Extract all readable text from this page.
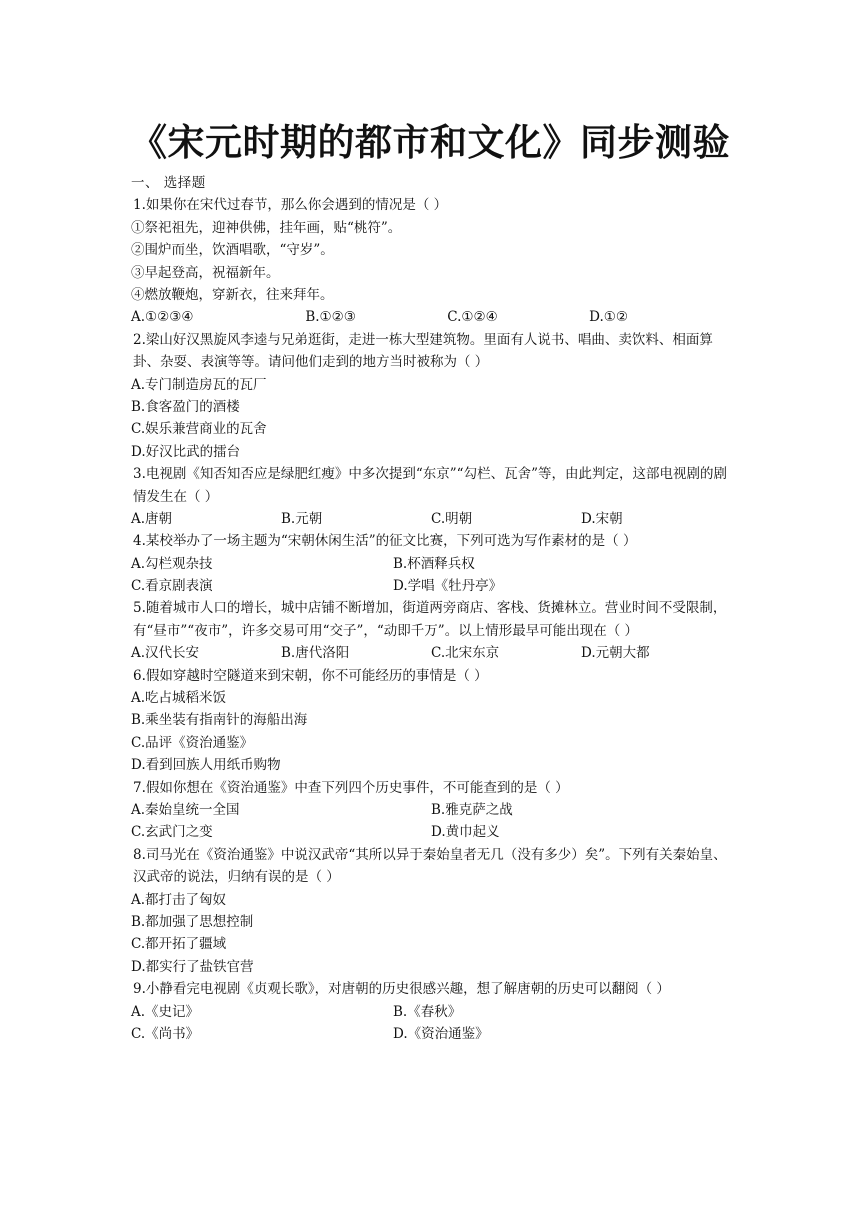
《宋元时期的都市和文化》同步测验
一、 选择题
1.如果你在宋代过春节，那么你会遇到的情况是（ ）
①祭祀祖先，迎神供佛，挂年画，贴“桃符”。
②围炉而坐，饮酒唱歌，“守岁”。
③早起登高，祝福新年。
④燃放鞭炮，穿新衣，往来拜年。
A.①②③④	B.①②③	C.①②④	D.①②
2.梁山好汉黑旋风李逵与兄弟逛街，走进一栋大型建筑物。里面有人说书、唱曲、卖饮料、相面算卦、杂耍、表演等等。请问他们走到的地方当时被称为（ ）
A.专门制造房瓦的瓦厂
B.食客盈门的酒楼
C.娱乐兼营商业的瓦舍
D.好汉比武的擂台
3.电视剧《知否知否应是绿肥红瘦》中多次提到“东京”“勾栏、瓦舍”等，由此判定，这部电视剧的剧情发生在（ ）
A.唐朝	B.元朝	C.明朝	D.宋朝
4.某校举办了一场主题为“宋朝休闲生活”的征文比赛，下列可选为写作素材的是（ ）
A.勾栏观杂技	B.杯酒释兵权
C.看京剧表演	D.学唱《牡丹亭》
5.随着城市人口的增长，城中店铺不断增加，街道两旁商店、客栈、货摊林立。营业时间不受限制，有“昼市”“夜市”，许多交易可用“交子”，“动即千万”。以上情形最早可能出现在（ ）
A.汉代长安	B.唐代洛阳	C.北宋东京	D.元朝大都
6.假如穿越时空隧道来到宋朝，你不可能经历的事情是（ ）
A.吃占城稻米饭
B.乘坐装有指南针的海船出海
C.品评《资治通鉴》
D.看到回族人用纸币购物
7.假如你想在《资治通鉴》中查下列四个历史事件，不可能查到的是（ ）
A.秦始皇统一全国	B.雅克萨之战
C.玄武门之变	D.黄巾起义
8.司马光在《资治通鉴》中说汉武帝“其所以异于秦始皇者无几（没有多少）矣”。下列有关秦始皇、汉武帝的说法，归纳有误的是（ ）
A.都打击了匈奴
B.都加强了思想控制
C.都开拓了疆域
D.都实行了盐铁官营
9.小静看完电视剧《贞观长歌》，对唐朝的历史很感兴趣，想了解唐朝的历史可以翻阅（ ）
A.《史记》	B.《春秋》
C.《尚书》	D.《资治通鉴》
